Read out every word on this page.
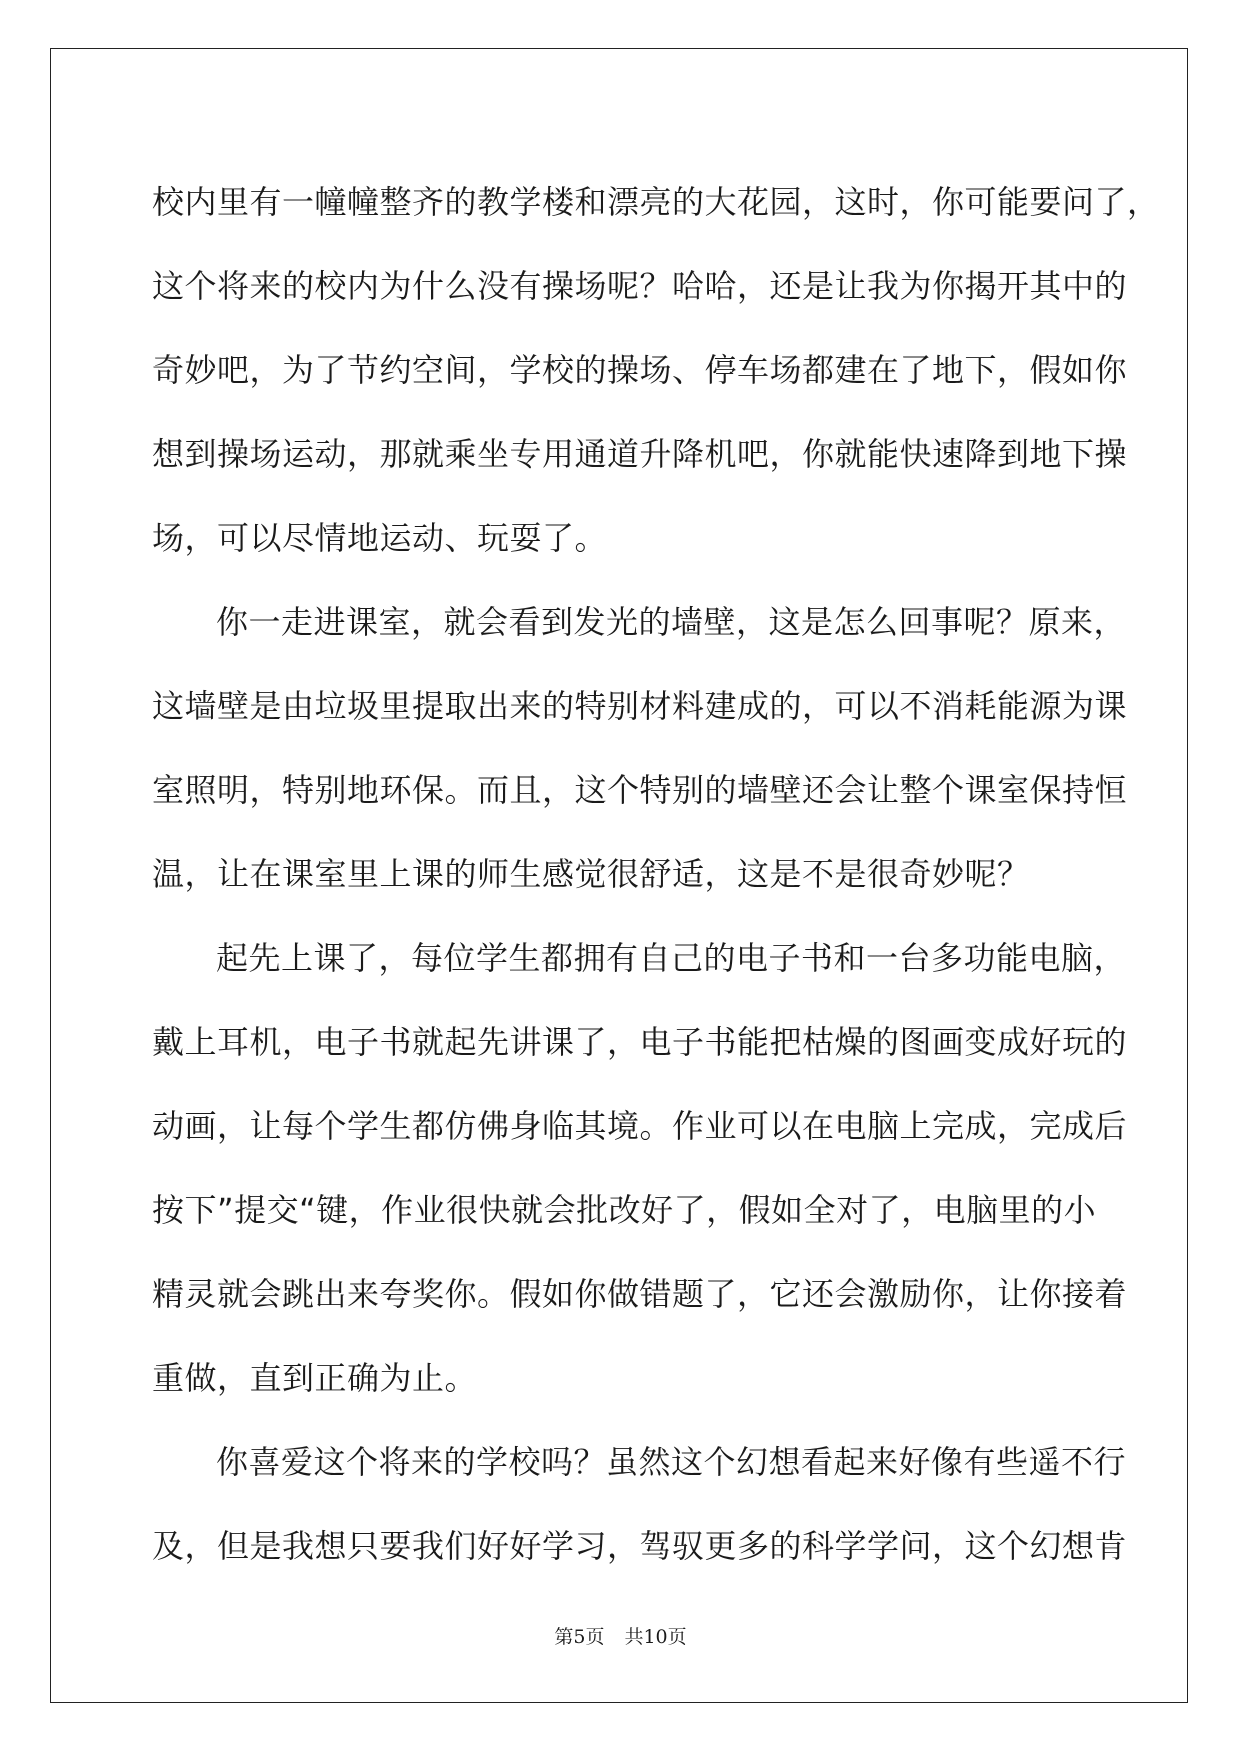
校内里有一幢幢整齐的教学楼和漂亮的大花园，这时，你可能要问了，
这个将来的校内为什么没有操场呢？哈哈，还是让我为你揭开其中的
奇妙吧，为了节约空间，学校的操场、停车场都建在了地下，假如你
想到操场运动，那就乘坐专用通道升降机吧，你就能快速降到地下操
场，可以尽情地运动、玩耍了。
你一走进课室，就会看到发光的墙壁，这是怎么回事呢？原来，
这墙壁是由垃圾里提取出来的特别材料建成的，可以不消耗能源为课
室照明，特别地环保。而且，这个特别的墙壁还会让整个课室保持恒
温，让在课室里上课的师生感觉很舒适，这是不是很奇妙呢？
起先上课了，每位学生都拥有自己的电子书和一台多功能电脑，
戴上耳机，电子书就起先讲课了，电子书能把枯燥的图画变成好玩的
动画，让每个学生都仿佛身临其境。作业可以在电脑上完成，完成后
按下”提交“键，作业很快就会批改好了，假如全对了，电脑里的小
精灵就会跳出来夸奖你。假如你做错题了，它还会激励你，让你接着
重做，直到正确为止。
你喜爱这个将来的学校吗？虽然这个幻想看起来好像有些遥不行
及，但是我想只要我们好好学习，驾驭更多的科学学问，这个幻想肯
第5页 共10页
